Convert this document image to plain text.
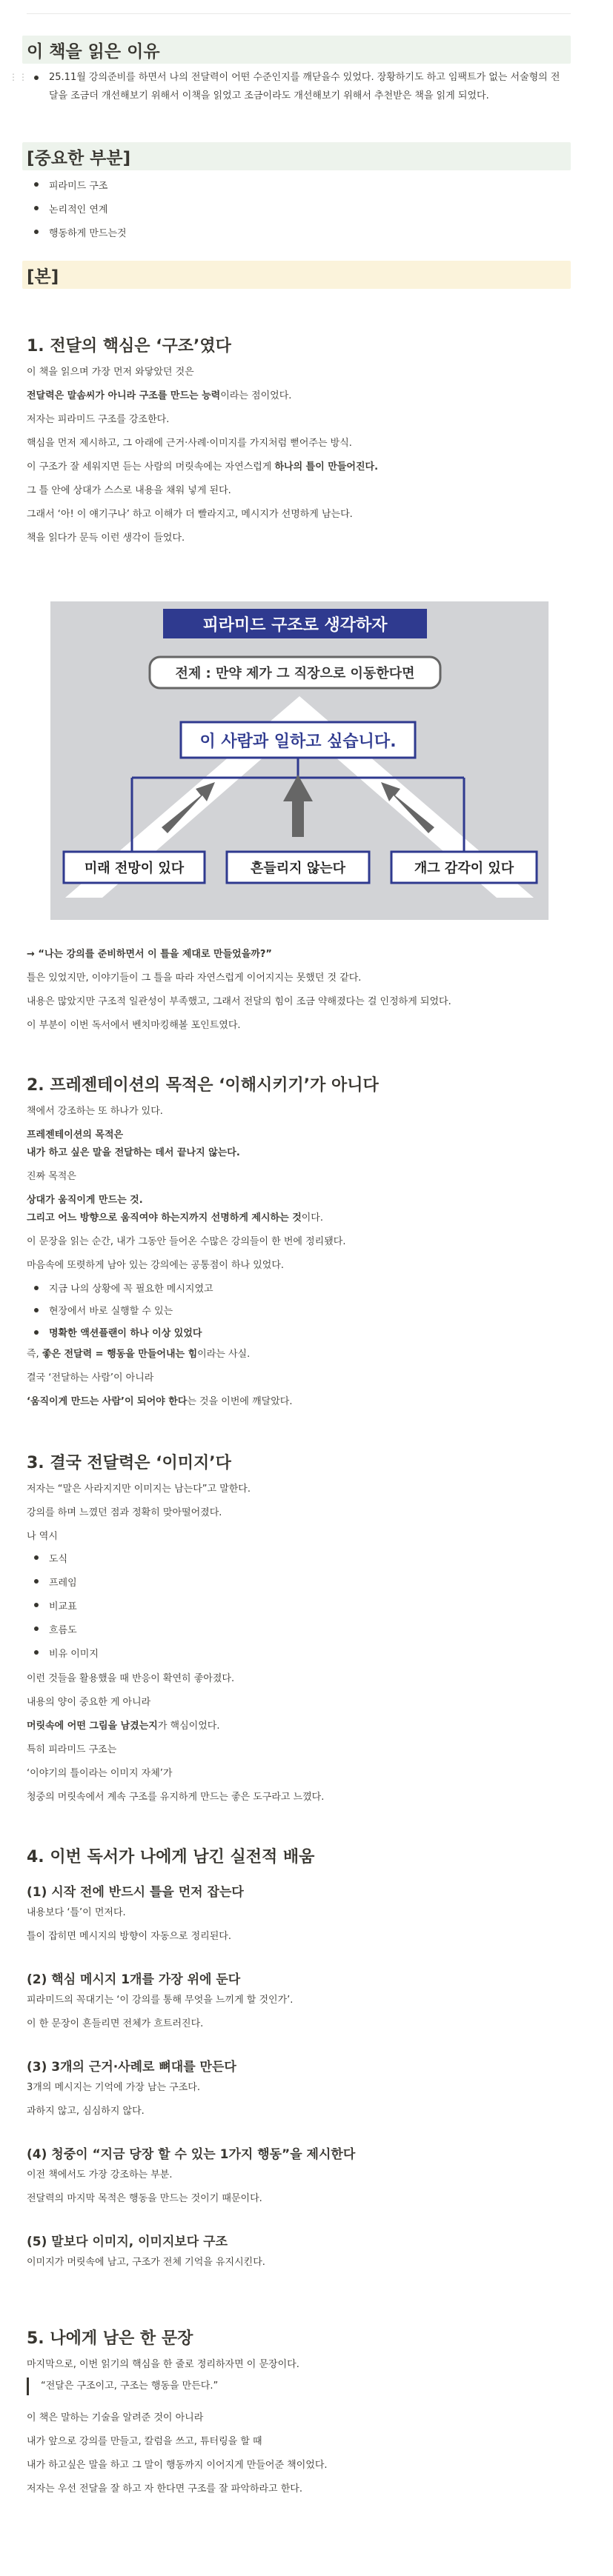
이 책을 읽은 이유
⋮⋮	25.11월 강의준비를 하면서 나의 전달력이 어떤 수준인지를 깨닫을수 있었다. 장황하기도 하고 임팩트가 없는 서술형의 전달을 조금더 개선해보기 위해서 이책을 읽었고 조금이라도 개선해보기 위해서 추천받은 책을 읽게 되었다.
[중요한 부분]
피라미드 구조
논리적인 연계
행동하게 만드는것
[본]
1. 전달의 핵심은 ‘구조’였다
이 책을 읽으며 가장 먼저 와닿았던 것은
전달력은 말솜씨가 아니라 구조를 만드는 능력이라는 점이었다.
저자는 피라미드 구조를 강조한다.
핵심을 먼저 제시하고, 그 아래에 근거·사례·이미지를 가지처럼 뻗어주는 방식.
이 구조가 잘 세워지면 듣는 사람의 머릿속에는 자연스럽게 하나의 틀이 만들어진다.
그 틀 안에 상대가 스스로 내용을 채워 넣게 된다.
그래서 ‘아! 이 얘기구나’ 하고 이해가 더 빨라지고, 메시지가 선명하게 남는다.
책을 읽다가 문득 이런 생각이 들었다.
피라미드 구조로 생각하자
전제 : 만약 제가 그 직장으로 이동한다면
이 사람과 일하고 싶습니다.
미래 전망이 있다	흔들리지 않는다	개그 감각이 있다
→ “나는 강의를 준비하면서 이 틀을 제대로 만들었을까?”
틀은 있었지만, 이야기들이 그 틀을 따라 자연스럽게 이어지지는 못했던 것 같다.
내용은 많았지만 구조적 일관성이 부족했고, 그래서 전달의 힘이 조금 약해졌다는 걸 인정하게 되었다.
이 부분이 이번 독서에서 벤치마킹해볼 포인트였다.
2. 프레젠테이션의 목적은 ‘이해시키기’가 아니다
책에서 강조하는 또 하나가 있다.
프레젠테이션의 목적은
내가 하고 싶은 말을 전달하는 데서 끝나지 않는다.
진짜 목적은
상대가 움직이게 만드는 것.
그리고 어느 방향으로 움직여야 하는지까지 선명하게 제시하는 것이다.
이 문장을 읽는 순간, 내가 그동안 들어온 수많은 강의들이 한 번에 정리됐다.
마음속에 또렷하게 남아 있는 강의에는 공통점이 하나 있었다.
지금 나의 상황에 꼭 필요한 메시지였고
현장에서 바로 실행할 수 있는
명확한 액션플랜이 하나 이상 있었다
즉, 좋은 전달력 = 행동을 만들어내는 힘이라는 사실.
결국 ‘전달하는 사람’이 아니라
‘움직이게 만드는 사람’이 되어야 한다는 것을 이번에 깨달았다.
3. 결국 전달력은 ‘이미지’다
저자는 “말은 사라지지만 이미지는 남는다”고 말한다.
강의를 하며 느꼈던 점과 정확히 맞아떨어졌다.
나 역시
도식
프레임
비교표
흐름도
비유 이미지
이런 것들을 활용했을 때 반응이 확연히 좋아졌다.
내용의 양이 중요한 게 아니라
머릿속에 어떤 그림을 남겼는지가 핵심이었다.
특히 피라미드 구조는
‘이야기의 틀이라는 이미지 자체’가
청중의 머릿속에서 계속 구조를 유지하게 만드는 좋은 도구라고 느꼈다.
4. 이번 독서가 나에게 남긴 실전적 배움
(1) 시작 전에 반드시 틀을 먼저 잡는다
내용보다 ‘틀’이 먼저다.
틀이 잡히면 메시지의 방향이 자동으로 정리된다.
(2) 핵심 메시지 1개를 가장 위에 둔다
피라미드의 꼭대기는 ‘이 강의를 통해 무엇을 느끼게 할 것인가’.
이 한 문장이 흔들리면 전체가 흐트러진다.
(3) 3개의 근거·사례로 뼈대를 만든다
3개의 메시지는 기억에 가장 남는 구조다.
과하지 않고, 심심하지 않다.
(4) 청중이 “지금 당장 할 수 있는 1가지 행동”을 제시한다
이전 책에서도 가장 강조하는 부분.
전달력의 마지막 목적은 행동을 만드는 것이기 때문이다.
(5) 말보다 이미지, 이미지보다 구조
이미지가 머릿속에 남고, 구조가 전체 기억을 유지시킨다.
5. 나에게 남은 한 문장
마지막으로, 이번 읽기의 핵심을 한 줄로 정리하자면 이 문장이다.
“전달은 구조이고, 구조는 행동을 만든다.”
이 책은 말하는 기술을 알려준 것이 아니라
내가 앞으로 강의를 만들고, 칼럼을 쓰고, 튜터링을 할 때
내가 하고싶은 말을 하고 그 말이 행동까지 이어지게 만들어준 책이었다.
저자는 우선 전달을 잘 하고 자 한다면 구조를 잘 파악하라고 한다.
